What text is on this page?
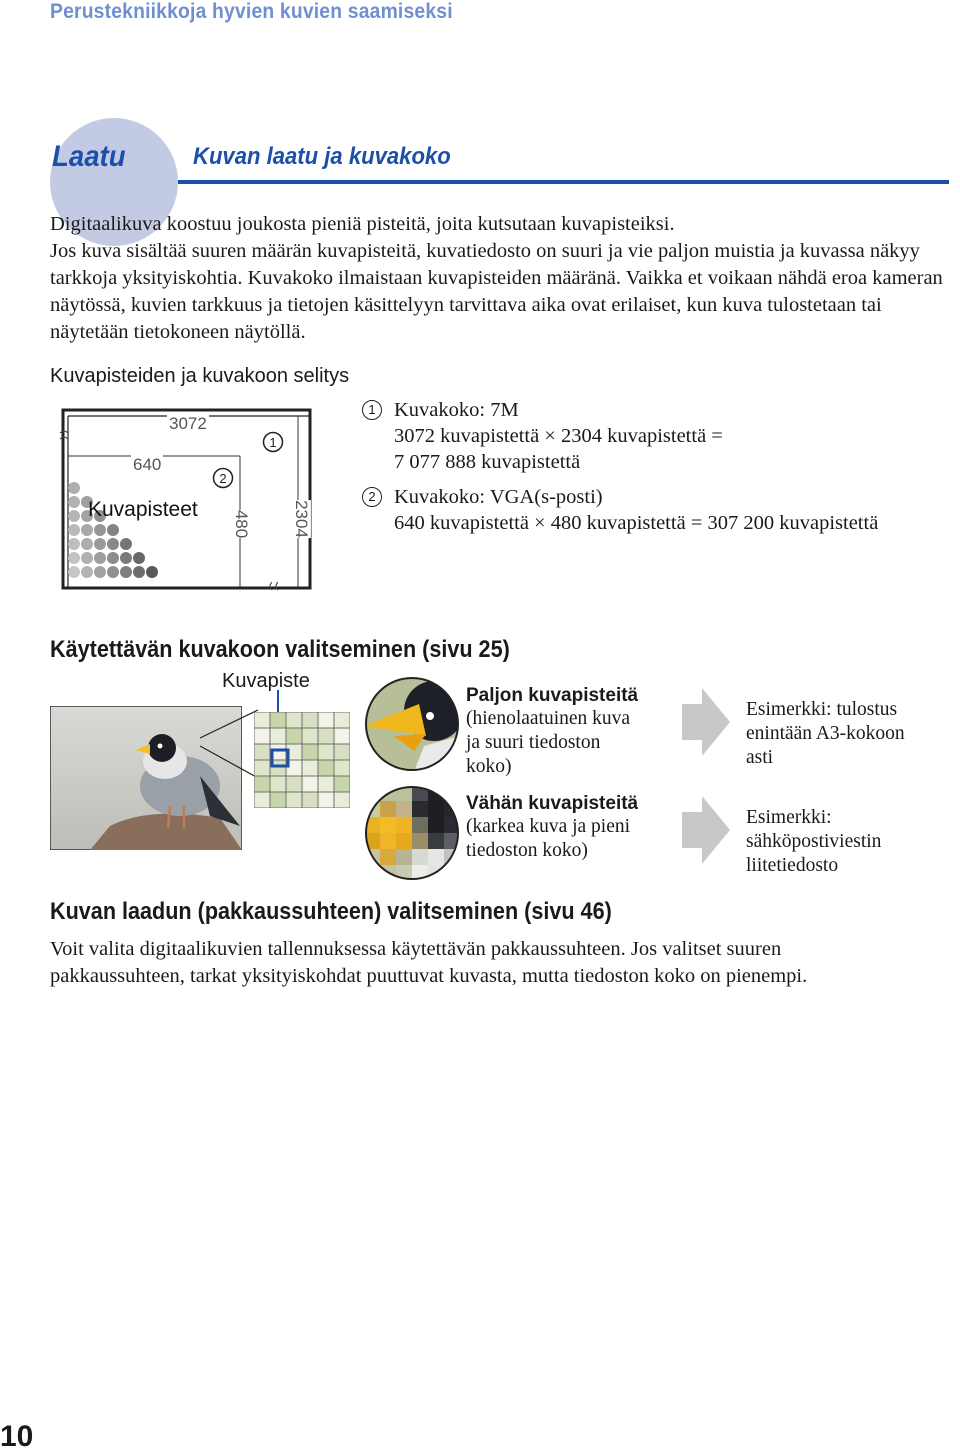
Perustekniikkoja hyvien kuvien saamiseksi
Laatu	Kuvan laatu ja kuvakoko

Digitaalikuva koostuu joukosta pieniä pisteitä, joita kutsutaan kuvapisteiksi.

Jos kuva sisältää suuren määrän kuvapisteitä, kuvatiedosto on suuri ja vie paljon muistia ja kuvassa näkyy tarkkoja yksityiskohtia. Kuvakoko ilmaistaan kuvapisteiden määränä. Vaikka et voikaan nähdä eroa kameran näytössä, kuvien tarkkuus ja tietojen käsittelyyn tarvittava aika ovat erilaiset, kun kuva tulostetaan tai näytetään tietokoneen näytöllä.

Kuvapisteiden ja kuvakoon selitys
1
2
3072
640
2304
480
Kuvapisteet
1 Kuvakoko: 7M
3072 kuvapistettä × 2304 kuvapistettä =
7 077 888 kuvapistettä
2 Kuvakoko: VGA(s-posti)
640 kuvapistettä × 480 kuvapistettä = 307 200 kuvapistettä
Käytettävän kuvakoon valitseminen (sivu 25)
Kuvapiste
Paljon kuvapisteitä
(hienolaatuinen kuva
ja suuri tiedoston
koko)
Esimerkki: tulostus
enintään A3-kokoon
asti
Vähän kuvapisteitä
(karkea kuva ja pieni
tiedoston koko)
Esimerkki:
sähköpostiviestin
liitetiedosto
Kuvan laadun (pakkaussuhteen) valitseminen (sivu 46)
Voit valita digitaalikuvien tallennuksessa käytettävän pakkaussuhteen. Jos valitset suuren
pakkaussuhteen, tarkat yksityiskohdat puuttuvat kuvasta, mutta tiedoston koko on pienempi.
10
